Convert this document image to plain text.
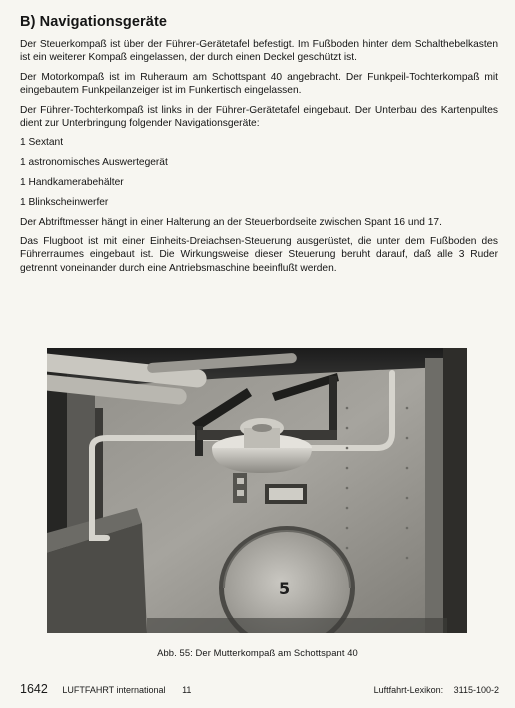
B) Navigationsgeräte

Der Steuerkompaß ist über der Führer-Gerätetafel befestigt. Im Fußboden hinter dem Schalthebelkasten ist ein weiterer Kompaß eingelassen, der durch einen Deckel geschützt ist.

Der Motorkompaß ist im Ruheraum am Schottspant 40 angebracht. Der Funkpeil-Tochterkompaß mit eingebautem Funkpeilanzeiger ist im Funkertisch eingelassen.

Der Führer-Tochterkompaß ist links in der Führer-Gerätetafel eingebaut. Der Unterbau des Kartenpultes dient zur Unterbringung folgender Navigationsgeräte:

1 Sextant

1 astronomisches Auswertegerät

1 Handkamerabehälter

1 Blinkscheinwerfer

Der Abtriftmesser hängt in einer Halterung an der Steuerbordseite zwischen Spant 16 und 17.

Das Flugboot ist mit einer Einheits-Dreiachsen-Steuerung ausgerüstet, die unter dem Fußboden des Führerraumes eingebaut ist. Die Wirkungsweise dieser Steuerung beruht darauf, daß alle 3 Ruder getrennt voneinander durch eine Antriebsmaschine beeinflußt werden.

5
Abb. 55: Der Mutterkompaß am Schottspant 40
1642 LUFTFAHRT international 11	Luftfahrt-Lexikon: 3115-100-2
